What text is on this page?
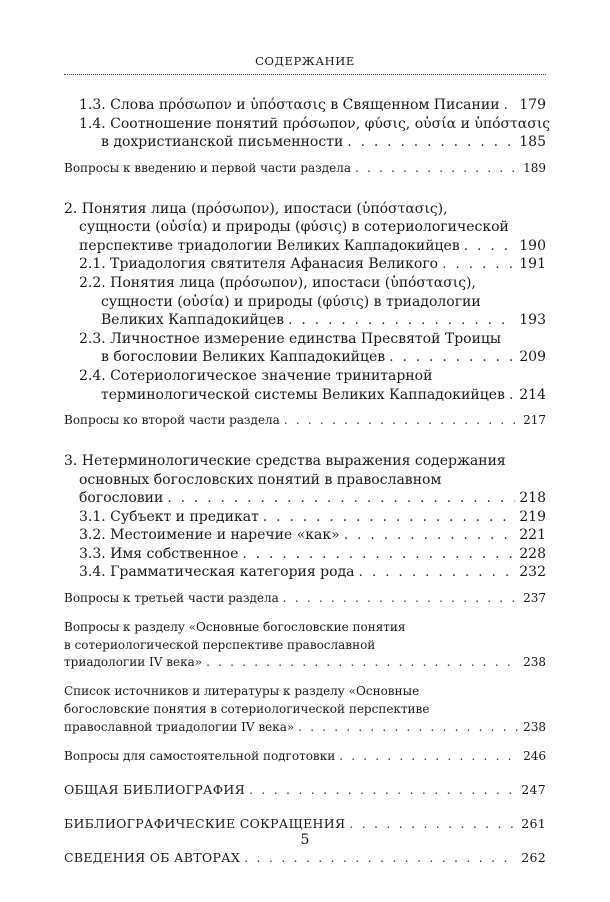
СОДЕРЖАНИЕ
1.3. Слова πρόσωπον и ὑπόστασις в Священном Писании . . . 179
1.4. Соотношение понятий πρόσωπον, φύσις, οὐσία и ὑπόστασις
в дохристианской письменности . . .	185
Вопросы к введению и первой части раздела . . .	189
2. Понятия лица (πρόσωπον), ипостаси (ὑπόστασις),
сущности (οὐσία) и природы (φύσις) в сотериологической
перспективе триадологии Великих Каппадокийцев . . .	190
2.1. Триадология святителя Афанасия Великого . . .	191
2.2. Понятия лица (πρόσωπον), ипостаси (ὑπόστασις),
сущности (οὐσία) и природы (φύσις) в триадологии
Великих Каппадокийцев . . .	193
2.3. Личностное измерение единства Пресвятой Троицы
в богословии Великих Каппадокийцев . . .	209
2.4. Сотериологическое значение тринитарной
терминологической системы Великих Каппадокийцев . . . 214
Вопросы ко второй части раздела . . .	217
3. Нетерминологические средства выражения содержания
основных богословских понятий в православном
богословии . . .	218
3.1. Субъект и предикат . . .	219
3.2. Местоимение и наречие «как» . . .	221
3.3. Имя собственное . . .	228
3.4. Грамматическая категория рода . . .	232
Вопросы к третьей части раздела . . .	237
Вопросы к разделу «Основные богословские понятия
в сотериологической перспективе православной
триадологии IV века» . . .	238
Список источников и литературы к разделу «Основные
богословские понятия в сотериологической перспективе
православной триадологии IV века» . . .	238
Вопросы для самостоятельной подготовки . . .	246
ОБЩАЯ БИБЛИОГРАФИЯ . . .	247
БИБЛИОГРАФИЧЕСКИЕ СОКРАЩЕНИЯ . . .	261
СВЕДЕНИЯ ОБ АВТОРАХ . . .	262
5
